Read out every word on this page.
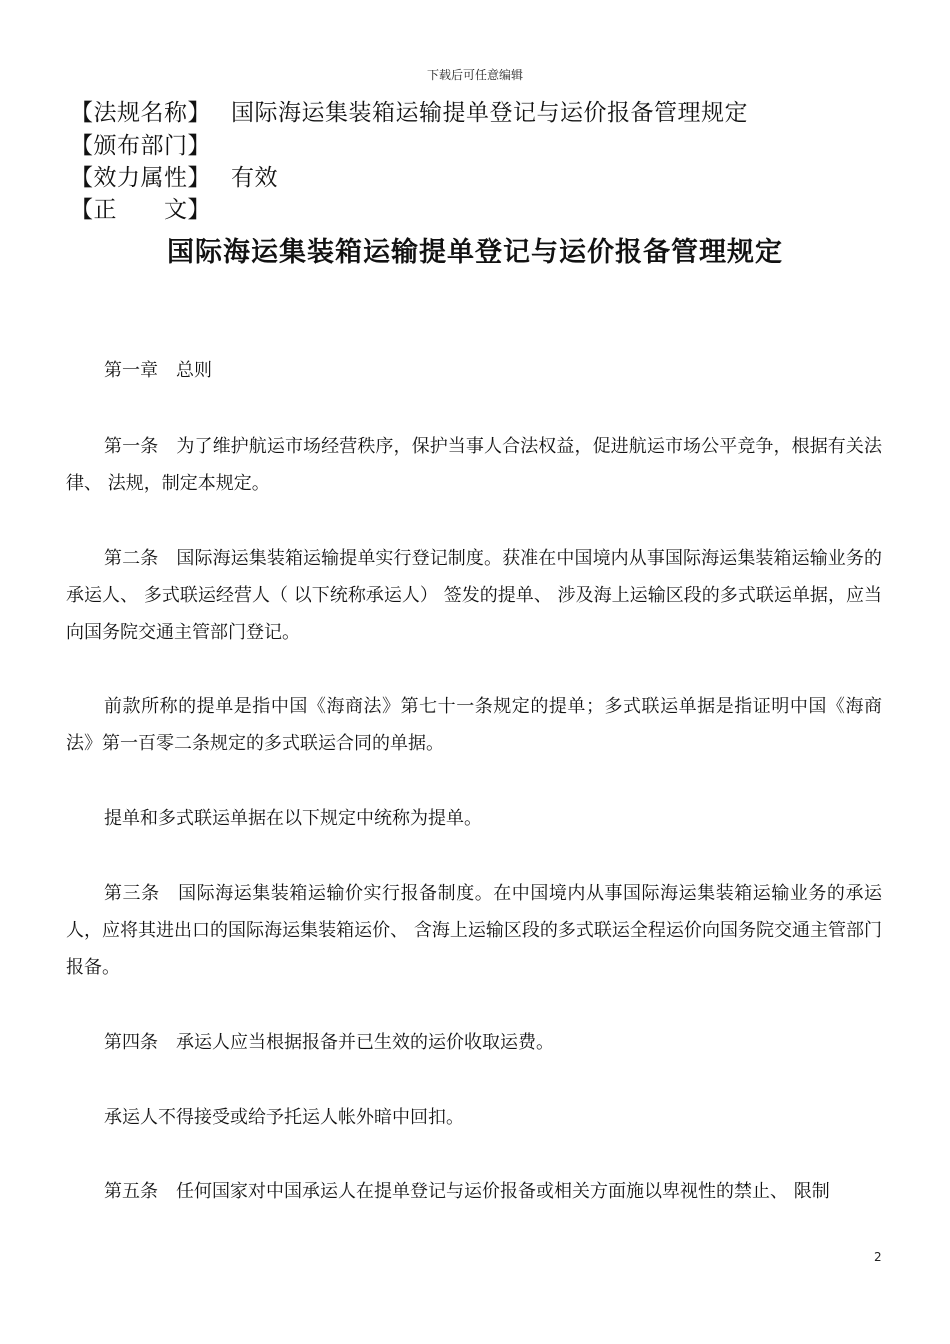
下载后可任意编辑
【法规名称】 国际海运集装箱运输提单登记与运价报备管理规定
【颁布部门】
【效力属性】 有效
【正　　文】
国际海运集装箱运输提单登记与运价报备管理规定
第一章　总则
第一条　为了维护航运市场经营秩序，保护当事人合法权益，促进航运市场公平竞争，根据有关法律、 法规，制定本规定。
第二条　国际海运集装箱运输提单实行登记制度。获准在中国境内从事国际海运集装箱运输业务的承运人、 多式联运经营人（ 以下统称承运人） 签发的提单、 涉及海上运输区段的多式联运单据，应当向国务院交通主管部门登记。
前款所称的提单是指中国《海商法》第七十一条规定的提单；多式联运单据是指证明中国《海商法》第一百零二条规定的多式联运合同的单据。
提单和多式联运单据在以下规定中统称为提单。
第三条　国际海运集装箱运输价实行报备制度。在中国境内从事国际海运集装箱运输业务的承运人，应将其进出口的国际海运集装箱运价、 含海上运输区段的多式联运全程运价向国务院交通主管部门报备。
第四条　承运人应当根据报备并已生效的运价收取运费。
承运人不得接受或给予托运人帐外暗中回扣。
第五条　任何国家对中国承运人在提单登记与运价报备或相关方面施以卑视性的禁止、 限制
2
